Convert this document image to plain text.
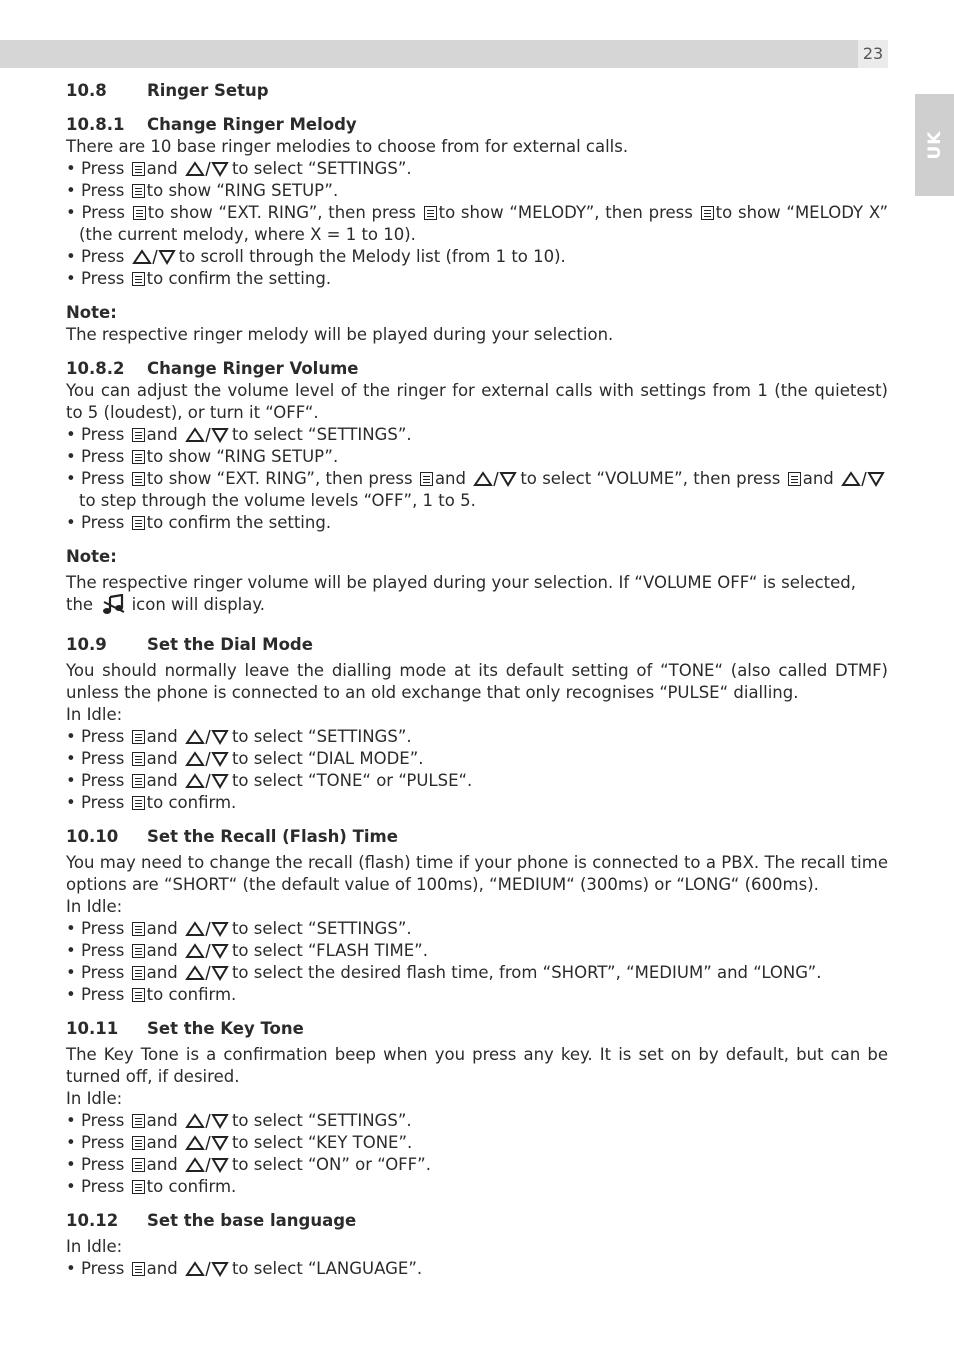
23
UK
10.8	Ringer Setup
10.8.1	Change Ringer Melody

There are 10 base ringer melodies to choose from for external calls.

• Press and	to select “SETTINGS”.

• Press to show “RING SETUP”.

• Press to show “EXT. RING”, then press to show “MELODY”, then press to show “MELODY X” (the current melody, where X = 1 to 10).

• Press	to scroll through the Melody list (from 1 to 10).

• Press to confirm the setting.

Note:

The respective ringer melody will be played during your selection.

10.8.2	Change Ringer Volume

You can adjust the volume level of the ringer for external calls with settings from 1 (the quietest) to 5 (loudest), or turn it “OFF“.

• Press and	to select “SETTINGS”.

• Press to show “RING SETUP”.

• Press to show “EXT. RING”, then press and	to select “VOLUME”, then press and
to step through the volume levels “OFF”, 1 to 5.

• Press to confirm the setting.

Note:

The respective ringer volume will be played during your selection. If “VOLUME OFF“ is selected, the icon will display.

10.9	Set the Dial Mode

You should normally leave the dialling mode at its default setting of “TONE“ (also called DTMF) unless the phone is connected to an old exchange that only recognises “PULSE“ dialling.

In Idle:

• Press and	to select “SETTINGS”.

• Press and	to select “DIAL MODE”.

• Press and	to select “TONE“ or “PULSE“.

• Press to confirm.

10.10	Set the Recall (Flash) Time

You may need to change the recall (flash) time if your phone is connected to a PBX. The recall time options are “SHORT“ (the default value of 100ms), “MEDIUM“ (300ms) or “LONG“ (600ms).

In Idle:

• Press and	to select “SETTINGS”.

• Press and	to select “FLASH TIME”.

• Press and	to select the desired flash time, from “SHORT”, “MEDIUM” and “LONG”.

• Press to confirm.

10.11	Set the Key Tone

The Key Tone is a confirmation beep when you press any key. It is set on by default, but can be turned off, if desired.

In Idle:

• Press and	to select “SETTINGS”.

• Press and	to select “KEY TONE”.

• Press and	to select “ON” or “OFF”.

• Press to confirm.

10.12	Set the base language

In Idle:

• Press and	to select “LANGUAGE”.
